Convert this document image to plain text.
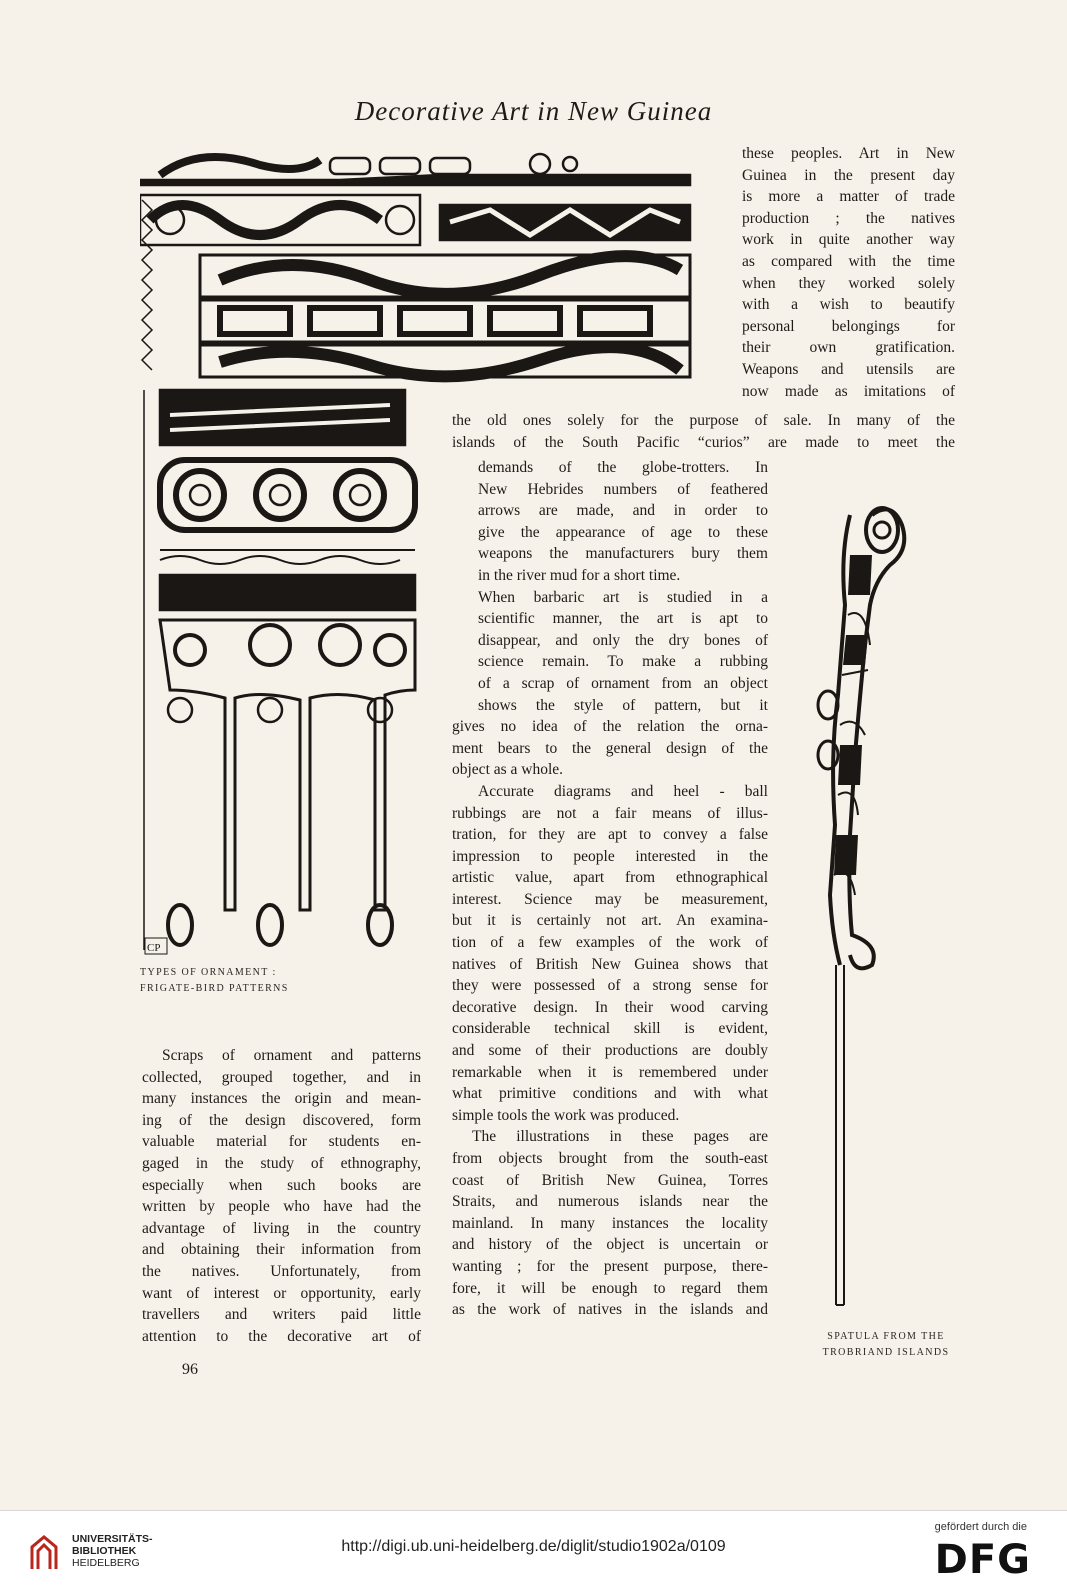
Decorative Art in New Guinea
CP
TYPES OF ORNAMENT :
FRIGATE-BIRD PATTERNS
SPATULA FROM THE
TROBRIAND ISLANDS
these peoples. Art in New
Guinea in the present day
is more a matter of trade
production ; the natives
work in quite another way
as compared with the time
when they worked solely
with a wish to beautify
personal belongings for
their own gratification.
Weapons and utensils are
now made as imitations of
the old ones solely for the purpose of sale. In many of the
islands of the South Pacific “curios” are made to meet the
demands of the globe-trotters. In
New Hebrides numbers of feathered
arrows are made, and in order to
give the appearance of age to these
weapons the manufacturers bury them
in the river mud for a short time.
When barbaric art is studied in a
scientific manner, the art is apt to
disappear, and only the dry bones of
science remain. To make a rubbing
of a scrap of ornament from an object
shows the style of pattern, but it
gives no idea of the relation the orna-
ment bears to the general design of the
object as a whole.
Accurate diagrams and heel - ball
rubbings are not a fair means of illus-
tration, for they are apt to convey a false
impression to people interested in the
artistic value, apart from ethnographical
interest. Science may be measurement,
but it is certainly not art. An examina-
tion of a few examples of the work of
natives of British New Guinea shows that
they were possessed of a strong sense for
decorative design. In their wood carving
considerable technical skill is evident,
and some of their productions are doubly
remarkable when it is remembered under
what primitive conditions and with what
simple tools the work was produced.
The illustrations in these pages are
from objects brought from the south-east
coast of British New Guinea, Torres
Straits, and numerous islands near the
mainland. In many instances the locality
and history of the object is uncertain or
wanting ; for the present purpose, there-
fore, it will be enough to regard them
as the work of natives in the islands and
Scraps of ornament and patterns
collected, grouped together, and in
many instances the origin and mean-
ing of the design discovered, form
valuable material for students en-
gaged in the study of ethnography,
especially when such books are
written by people who have had the
advantage of living in the country
and obtaining their information from
the natives. Unfortunately, from
want of interest or opportunity, early
travellers and writers paid little
attention to the decorative art of
96
UNIVERSITÄTS-
BIBLIOTHEK
HEIDELBERG
http://digi.ub.uni-heidelberg.de/diglit/studio1902a/0109
gefördert durch die
DFG
